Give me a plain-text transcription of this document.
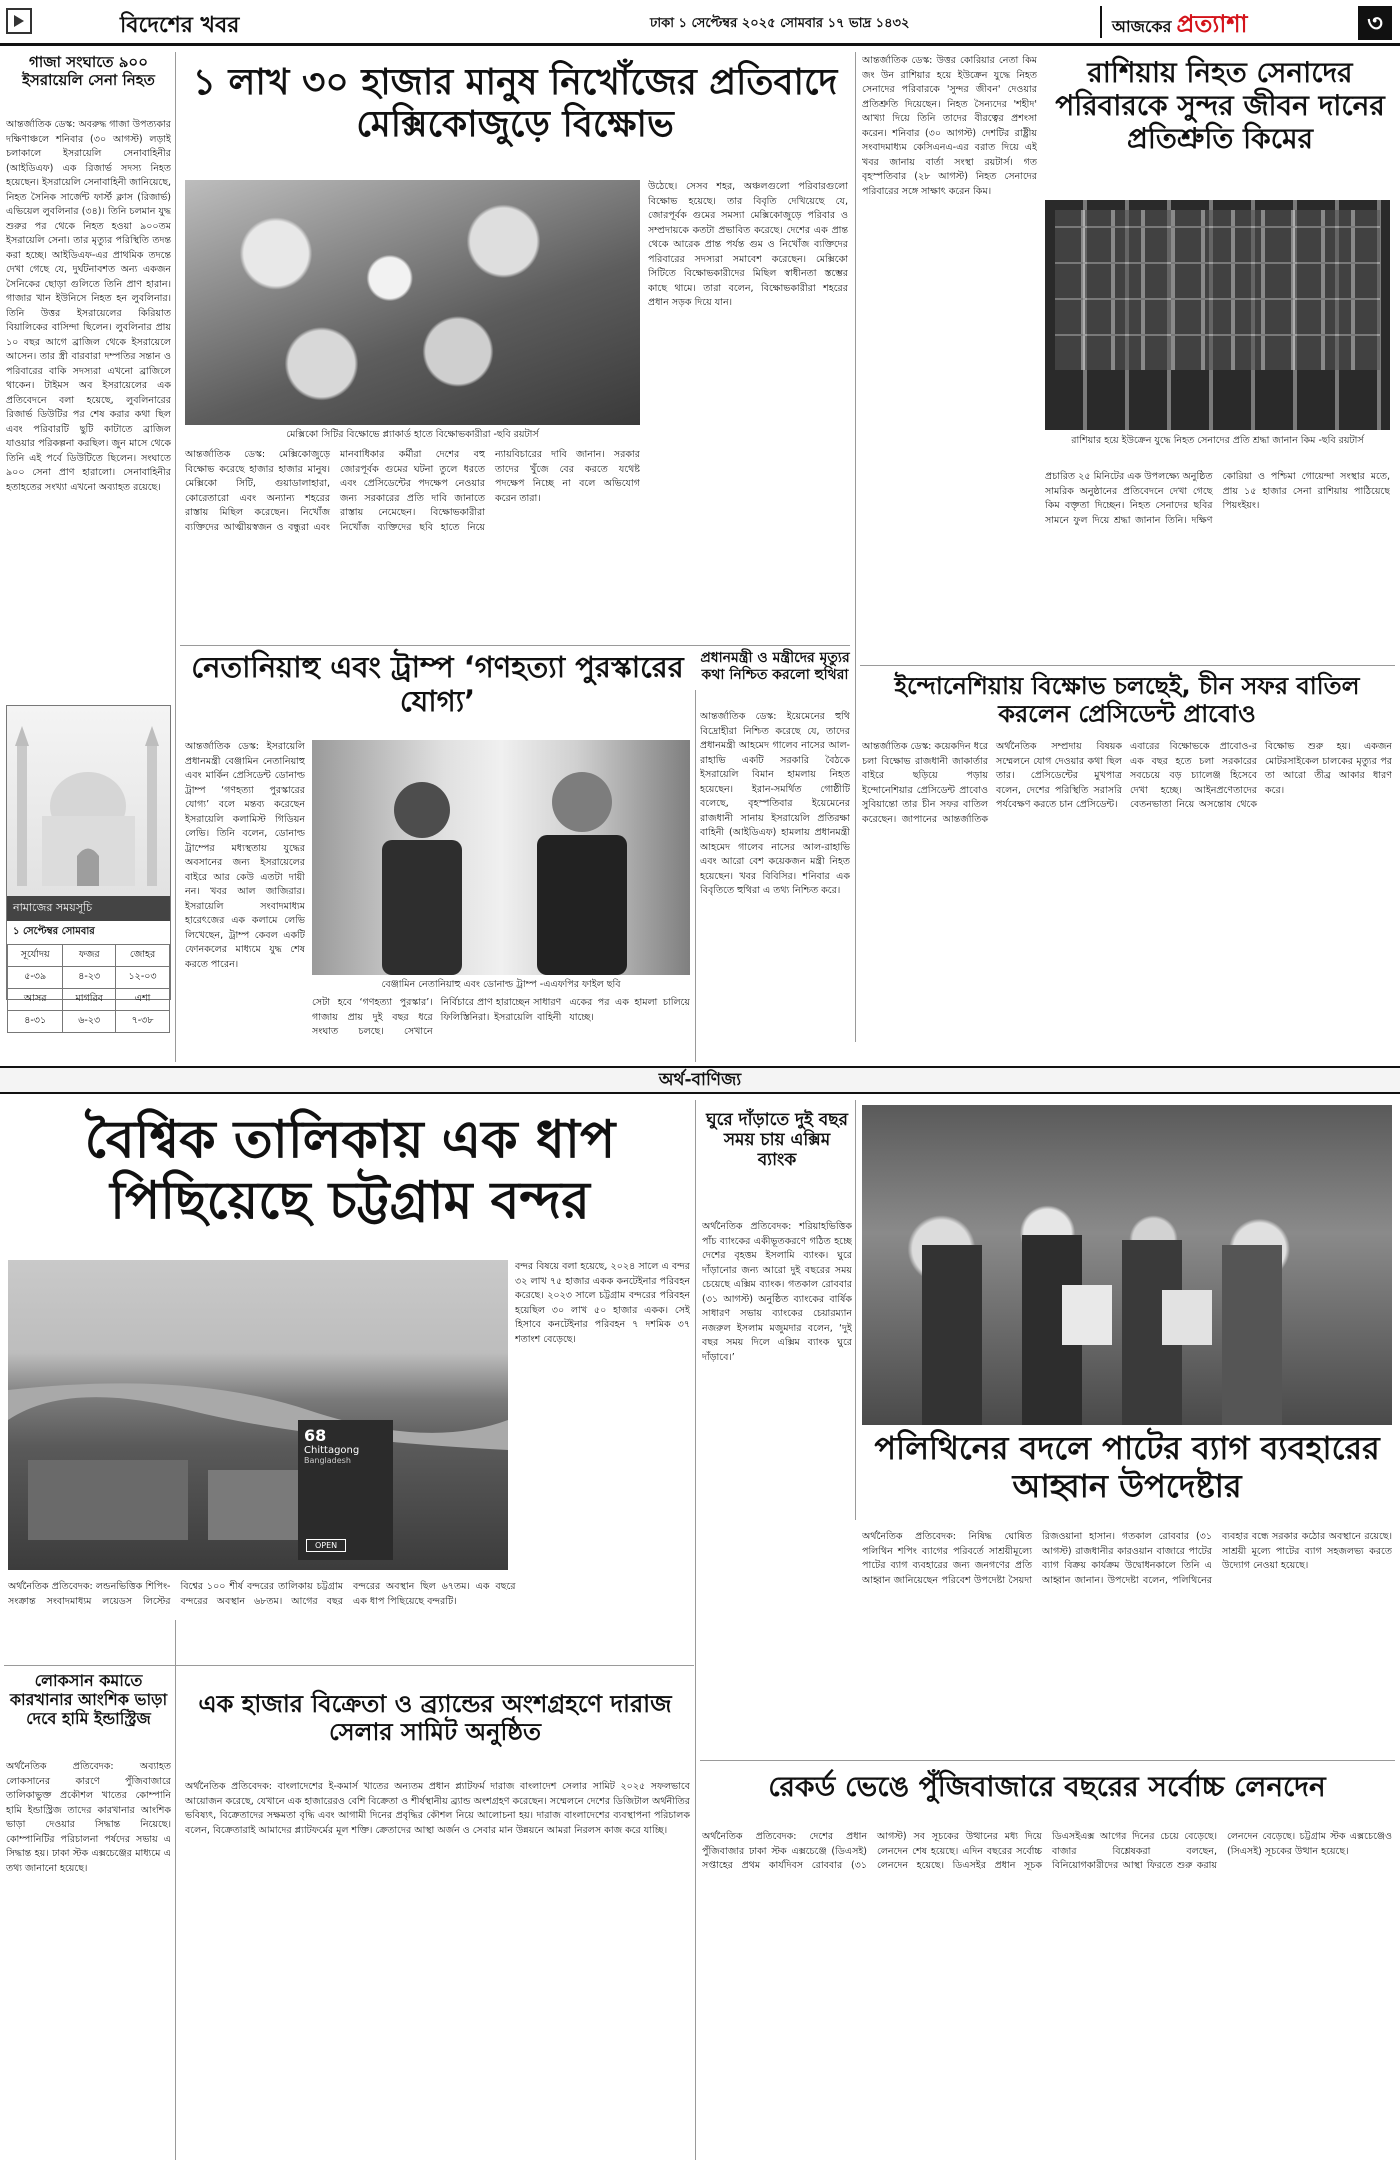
বিদেশের খবর	ঢাকা ১ সেপ্টেম্বর ২০২৫ সোমবার ১৭ ভাদ্র ১৪৩২	আজকের প্রত্যাশা	৩
গাজা সংঘাতে ৯০০ ইসরায়েলি সেনা নিহত
আন্তর্জাতিক ডেস্ক: অবরুদ্ধ গাজা উপত্যকার দক্ষিণাঞ্চলে শনিবার (৩০ আগস্ট) লড়াই চলাকালে ইসরায়েলি সেনাবাহিনীর (আইডিএফ) এক রিজার্ভ সদস্য নিহত হয়েছেন। ইসরায়েলি সেনাবাহিনী জানিয়েছে, নিহত সৈনিক সার্জেন্ট ফার্স্ট ক্লাস (রিজার্ভ) এভিয়েল লুবলিনার (৩৪)। তিনি চলমান যুদ্ধ শুরুর পর থেকে নিহত হওয়া ৯০০তম ইসরায়েলি সেনা। তার মৃত্যুর পরিস্থিতি তদন্ত করা হচ্ছে। আইডিএফ-এর প্রাথমিক তদন্তে দেখা গেছে যে, দুর্ঘটনাবশত অন্য একজন সৈনিকের ছোড়া গুলিতে তিনি প্রাণ হারান। গাজার খান ইউনিসে নিহত হন লুবলিনার। তিনি উত্তর ইসরায়েলের কিরিয়াত বিয়ালিকের বাসিন্দা ছিলেন। লুবলিনার প্রায় ১০ বছর আগে ব্রাজিল থেকে ইসরায়েলে আসেন। তার স্ত্রী বারবারা দম্পতির সন্তান ও পরিবারের বাকি সদস্যরা এখনো ব্রাজিলে থাকেন। টাইমস অব ইসরায়েলের এক প্রতিবেদনে বলা হয়েছে, লুবলিনারের রিজার্ভ ডিউটির পর শেষ করার কথা ছিল এবং পরিবারটি ছুটি কাটাতে ব্রাজিল যাওয়ার পরিকল্পনা করছিল। জুন মাসে থেকে তিনি এই পর্বে ডিউটিতে ছিলেন। সংঘাতে ৯০০ সেনা প্রাণ হারালো। সেনাবাহিনীর হতাহতের সংখ্যা এখনো অব্যাহত রয়েছে।
নামাজের সময়সূচি
১ সেপ্টেম্বর সোমবার
সূর্যোদয়	ফজর	জোহর
৫-৩৯	৪-২৩	১২-০৩
আসর	মাগরিব	এশা
৪-৩১	৬-২৩	৭-৩৮
১ লাখ ৩০ হাজার মানুষ নিখোঁজের প্রতিবাদে মেক্সিকোজুড়ে বিক্ষোভ
মেক্সিকো সিটির বিক্ষোভে প্ল্যাকার্ড হাতে বিক্ষোভকারীরা -ছবি রয়টার্স
আন্তর্জাতিক ডেস্ক: মেক্সিকোজুড়ে বিক্ষোভ করেছে হাজার হাজার মানুষ। মেক্সিকো সিটি, গুয়াডালাহারা, কোরেতারো এবং অন্যান্য শহরের রাস্তায় মিছিল করেছেন। নিখোঁজ ব্যক্তিদের আত্মীয়স্বজন ও বন্ধুরা এবং মানবাধিকার কর্মীরা দেশের বহু জোরপূর্বক গুমের ঘটনা তুলে ধরতে এবং প্রেসিডেন্টের পদক্ষেপ নেওয়ার জন্য সরকারের প্রতি দাবি জানাতে রাস্তায় নেমেছেন। বিক্ষোভকারীরা নিখোঁজ ব্যক্তিদের ছবি হাতে নিয়ে ন্যায়বিচারের দাবি জানান। সরকার তাদের খুঁজে বের করতে যথেষ্ট পদক্ষেপ নিচ্ছে না বলে অভিযোগ করেন তারা।
উঠেছে। সেসব শহর, অঞ্চলগুলো পরিবারগুলো বিক্ষোভ হয়েছে। তার বিবৃতি দেখিয়েছে যে, জোরপূর্বক গুমের সমস্যা মেক্সিকোজুড়ে পরিবার ও সম্প্রদায়কে কতটা প্রভাবিত করেছে। দেশের এক প্রান্ত থেকে আরেক প্রান্ত পর্যন্ত গুম ও নিখোঁজ ব্যক্তিদের পরিবারের সদস্যরা সমাবেশ করেছেন। মেক্সিকো সিটিতে বিক্ষোভকারীদের মিছিল স্বাধীনতা স্তম্ভের কাছে থামে। তারা বলেন, বিক্ষোভকারীরা শহরের প্রধান সড়ক দিয়ে যান।
আন্তর্জাতিক ডেস্ক: উত্তর কোরিয়ার নেতা কিম জং উন রাশিয়ার হয়ে ইউক্রেন যুদ্ধে নিহত সেনাদের পরিবারকে 'সুন্দর জীবন' দেওয়ার প্রতিশ্রুতি দিয়েছেন। নিহত সৈন্যদের 'শহীদ' আখ্যা দিয়ে তিনি তাদের বীরত্বের প্রশংসা করেন। শনিবার (৩০ আগস্ট) দেশটির রাষ্ট্রীয় সংবাদমাধ্যম কেসিএনএ-এর বরাত দিয়ে এই খবর জানায় বার্তা সংস্থা রয়টার্স। গত বৃহস্পতিবার (২৮ আগস্ট) নিহত সেনাদের পরিবারের সঙ্গে সাক্ষাৎ করেন কিম।
রাশিয়ায় নিহত সেনাদের পরিবারকে সুন্দর জীবন দানের প্রতিশ্রুতি কিমের
রাশিয়ার হয়ে ইউক্রেন যুদ্ধে নিহত সেনাদের প্রতি শ্রদ্ধা জানান কিম -ছবি রয়টার্স
প্রচারিত ২৫ মিনিটের এক উপলক্ষ্যে অনুষ্ঠিত সামরিক অনুষ্ঠানের প্রতিবেদনে দেখা গেছে কিম বক্তৃতা দিচ্ছেন। নিহত সেনাদের ছবির সামনে ফুল দিয়ে শ্রদ্ধা জানান তিনি। দক্ষিণ কোরিয়া ও পশ্চিমা গোয়েন্দা সংস্থার মতে, প্রায় ১৫ হাজার সেনা রাশিয়ায় পাঠিয়েছে পিয়ংইয়ং।
নেতানিয়াহু এবং ট্রাম্প ‘গণহত্যা পুরস্কারের যোগ্য’
আন্তর্জাতিক ডেস্ক: ইসরায়েলি প্রধানমন্ত্রী বেঞ্জামিন নেতানিয়াহু এবং মার্কিন প্রেসিডেন্ট ডোনাল্ড ট্রাম্প ‘গণহত্যা পুরস্কারের যোগ্য’ বলে মন্তব্য করেছেন ইসরায়েলি কলামিস্ট গিডিয়ন লেভি। তিনি বলেন, ডোনাল্ড ট্রাম্পের মধ্যস্থতায় যুদ্ধের অবসানের জন্য ইসরায়েলের বাইরে আর কেউ এতটা দায়ী নন। খবর আল জাজিরার। ইসরায়েলি সংবাদমাধ্যম হারেৎজের এক কলামে লেভি লিখেছেন, ট্রাম্প কেবল একটি ফোনকলের মাধ্যমে যুদ্ধ শেষ করতে পারেন।
বেঞ্জামিন নেতানিয়াহু এবং ডোনাল্ড ট্রাম্প -এএফপির ফাইল ছবি
সেটা হবে ‘গণহত্যা পুরস্কার’। গাজায় প্রায় দুই বছর ধরে সংঘাত চলছে। সেখানে নির্বিচারে প্রাণ হারাচ্ছেন সাধারণ ফিলিস্তিনিরা। ইসরায়েলি বাহিনী একের পর এক হামলা চালিয়ে যাচ্ছে।
প্রধানমন্ত্রী ও মন্ত্রীদের মৃত্যুর কথা নিশ্চিত করলো হুথিরা
আন্তর্জাতিক ডেস্ক: ইয়েমেনের হুথি বিদ্রোহীরা নিশ্চিত করেছে যে, তাদের প্রধানমন্ত্রী আহমেদ গালেব নাসের আল-রাহাভি একটি সরকারি বৈঠকে ইসরায়েলি বিমান হামলায় নিহত হয়েছেন। ইরান-সমর্থিত গোষ্ঠীটি বলেছে, বৃহস্পতিবার ইয়েমেনের রাজধানী সানায় ইসরায়েলি প্রতিরক্ষা বাহিনী (আইডিএফ) হামলায় প্রধানমন্ত্রী আহমেদ গালেব নাসের আল-রাহাভি এবং আরো বেশ কয়েকজন মন্ত্রী নিহত হয়েছেন। খবর বিবিসির। শনিবার এক বিবৃতিতে হুথিরা এ তথ্য নিশ্চিত করে।
ইন্দোনেশিয়ায় বিক্ষোভ চলছেই, চীন সফর বাতিল করলেন প্রেসিডেন্ট প্রাবোও
আন্তর্জাতিক ডেস্ক: কয়েকদিন ধরে চলা বিক্ষোভ রাজধানী জাকার্তার বাইরে ছড়িয়ে পড়ায় ইন্দোনেশিয়ার প্রেসিডেন্ট প্রাবোও সুবিয়ান্তো তার চীন সফর বাতিল করেছেন। জাপানের আন্তর্জাতিক অর্থনৈতিক সম্প্রদায় বিষয়ক সম্মেলনে যোগ দেওয়ার কথা ছিল তার। প্রেসিডেন্টের মুখপাত্র বলেন, দেশের পরিস্থিতি সরাসরি পর্যবেক্ষণ করতে চান প্রেসিডেন্ট।
এবারের বিক্ষোভকে প্রাবোও-র এক বছর হতে চলা সরকারের সবচেয়ে বড় চ্যালেঞ্জ হিসেবে দেখা হচ্ছে। আইনপ্রণেতাদের বেতনভাতা নিয়ে অসন্তোষ থেকে বিক্ষোভ শুরু হয়। একজন মোটরসাইকেল চালকের মৃত্যুর পর তা আরো তীব্র আকার ধারণ করে।
অর্থ-বাণিজ্য
বৈশ্বিক তালিকায় এক ধাপ পিছিয়েছে চট্টগ্রাম বন্দর
68
Chittagong
Bangladesh
OPEN
বন্দর বিষয়ে বলা হয়েছে, ২০২৪ সালে এ বন্দর ৩২ লাখ ৭৫ হাজার একক কনটেইনার পরিবহন করেছে। ২০২৩ সালে চট্টগ্রাম বন্দরের পরিবহন হয়েছিল ৩০ লাখ ৫০ হাজার একক। সেই হিসাবে কনটেইনার পরিবহন ৭ দশমিক ৩৭ শতাংশ বেড়েছে।
অর্থনৈতিক প্রতিবেদক: লন্ডনভিত্তিক শিপিং-সংক্রান্ত সংবাদমাধ্যম লয়েডস লিস্টের বিশ্বের ১০০ শীর্ষ বন্দরের তালিকায় চট্টগ্রাম বন্দরের অবস্থান ৬৮তম। আগের বছর বন্দরের অবস্থান ছিল ৬৭তম। এক বছরে এক ধাপ পিছিয়েছে বন্দরটি।
ঘুরে দাঁড়াতে দুই বছর সময় চায় এক্সিম ব্যাংক
অর্থনৈতিক প্রতিবেদক: শরিয়াহভিত্তিক পাঁচ ব্যাংকের একীভূতকরণে গঠিত হচ্ছে দেশের বৃহত্তম ইসলামি ব্যাংক। ঘুরে দাঁড়ানোর জন্য আরো দুই বছরের সময় চেয়েছে এক্সিম ব্যাংক। গতকাল রোববার (৩১ আগস্ট) অনুষ্ঠিত ব্যাংকের বার্ষিক সাধারণ সভায় ব্যাংকের চেয়ারম্যান নজরুল ইসলাম মজুমদার বলেন, ‘দুই বছর সময় দিলে এক্সিম ব্যাংক ঘুরে দাঁড়াবে।’
পলিথিনের বদলে পাটের ব্যাগ ব্যবহারের আহ্বান উপদেষ্টার
অর্থনৈতিক প্রতিবেদক: নিষিদ্ধ ঘোষিত পলিথিন শপিং ব্যাগের পরিবর্তে সাশ্রয়ীমূল্যে পাটের ব্যাগ ব্যবহারের জন্য জনগণের প্রতি আহ্বান জানিয়েছেন পরিবেশ উপদেষ্টা সৈয়দা রিজওয়ানা হাসান। গতকাল রোববার (৩১ আগস্ট) রাজধানীর কারওয়ান বাজারে পাটের ব্যাগ বিক্রয় কার্যক্রম উদ্বোধনকালে তিনি এ আহ্বান জানান। উপদেষ্টা বলেন, পলিথিনের ব্যবহার বন্ধে সরকার কঠোর অবস্থানে রয়েছে। সাশ্রয়ী মূল্যে পাটের ব্যাগ সহজলভ্য করতে উদ্যোগ নেওয়া হয়েছে।
লোকসান কমাতে কারখানার আংশিক ভাড়া দেবে হামি ইন্ডাস্ট্রিজ
অর্থনৈতিক প্রতিবেদক: অব্যাহত লোকসানের কারণে পুঁজিবাজারে তালিকাভুক্ত প্রকৌশল খাতের কোম্পানি হামি ইন্ডাস্ট্রিজ তাদের কারখানার আংশিক ভাড়া দেওয়ার সিদ্ধান্ত নিয়েছে। কোম্পানিটির পরিচালনা পর্ষদের সভায় এ সিদ্ধান্ত হয়। ঢাকা স্টক এক্সচেঞ্জের মাধ্যমে এ তথ্য জানানো হয়েছে।
এক হাজার বিক্রেতা ও ব্র্যান্ডের অংশগ্রহণে দারাজ সেলার সামিট অনুষ্ঠিত
অর্থনৈতিক প্রতিবেদক: বাংলাদেশের ই-কমার্স খাতের অন্যতম প্রধান প্ল্যাটফর্ম দারাজ বাংলাদেশ সেলার সামিট ২০২৫ সফলভাবে আয়োজন করেছে, যেখানে এক হাজারেরও বেশি বিক্রেতা ও শীর্ষস্থানীয় ব্র্যান্ড অংশগ্রহণ করেছেন। সম্মেলনে দেশের ডিজিটাল অর্থনীতির ভবিষ্যৎ, বিক্রেতাদের সক্ষমতা বৃদ্ধি এবং আগামী দিনের প্রবৃদ্ধির কৌশল নিয়ে আলোচনা হয়। দারাজ বাংলাদেশের ব্যবস্থাপনা পরিচালক বলেন, বিক্রেতারাই আমাদের প্ল্যাটফর্মের মূল শক্তি। ক্রেতাদের আস্থা অর্জন ও সেবার মান উন্নয়নে আমরা নিরলস কাজ করে যাচ্ছি।
রেকর্ড ভেঙে পুঁজিবাজারে বছরের সর্বোচ্চ লেনদেন
অর্থনৈতিক প্রতিবেদক: দেশের প্রধান পুঁজিবাজার ঢাকা স্টক এক্সচেঞ্জে (ডিএসই) সপ্তাহের প্রথম কার্যদিবস রোববার (৩১ আগস্ট) সব সূচকের উত্থানের মধ্য দিয়ে লেনদেন শেষ হয়েছে। এদিন বছরের সর্বোচ্চ লেনদেন হয়েছে। ডিএসইর প্রধান সূচক ডিএসইএক্স আগের দিনের চেয়ে বেড়েছে। বাজার বিশ্লেষকরা বলছেন, বিনিয়োগকারীদের আস্থা ফিরতে শুরু করায় লেনদেন বেড়েছে। চট্টগ্রাম স্টক এক্সচেঞ্জেও (সিএসই) সূচকের উত্থান হয়েছে।
